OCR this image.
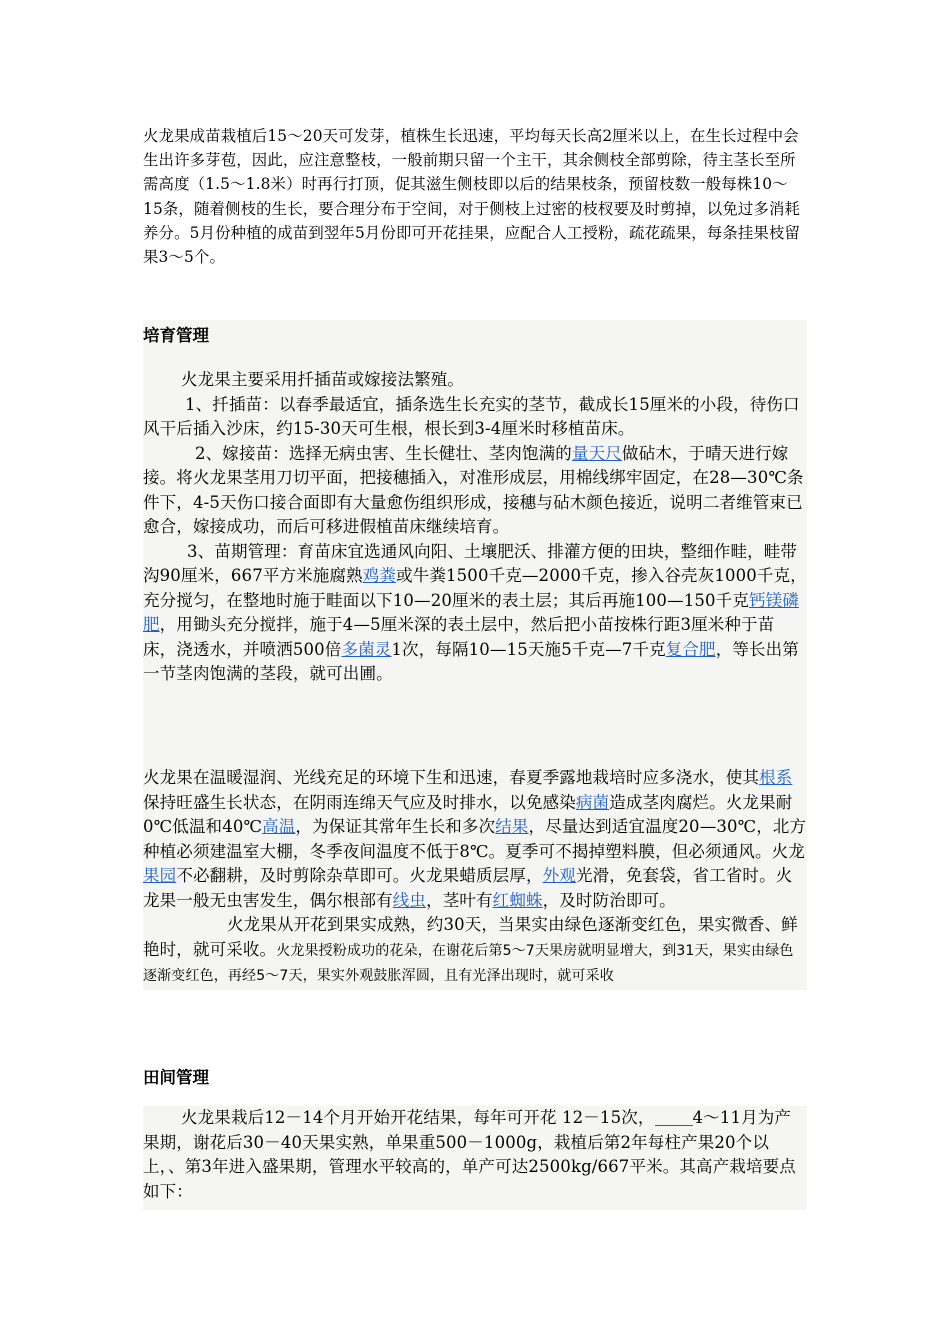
火龙果成苗栽植后15～20天可发芽，植株生长迅速，平均每天长高2厘米以上，在生长过程中会生出许多芽苞，因此，应注意整枝，一般前期只留一个主干，其余侧枝全部剪除，待主茎长至所需高度（1.5～1.8米）时再行打顶，促其滋生侧枝即以后的结果枝条，预留枝数一般每株10～15条，随着侧枝的生长，要合理分布于空间，对于侧枝上过密的枝杈要及时剪掉，以免过多消耗养分。5月份种植的成苗到翌年5月份即可开花挂果，应配合人工授粉，疏花疏果，每条挂果枝留果3～5个。

培育管理

火龙果主要采用扦插苗或嫁接法繁殖。

1、扦插苗：以春季最适宜，插条选生长充实的茎节，截成长15厘米的小段，待伤口风干后插入沙床，约15-30天可生根，根长到3-4厘米时移植苗床。

2、嫁接苗：选择无病虫害、生长健壮、茎肉饱满的量天尺做砧木，于晴天进行嫁接。将火龙果茎用刀切平面，把接穗插入，对准形成层，用棉线绑牢固定，在28—30℃条件下，4-5天伤口接合面即有大量愈伤组织形成，接穗与砧木颜色接近，说明二者维管束已愈合，嫁接成功，而后可移进假植苗床继续培育。

3、苗期管理：育苗床宜选通风向阳、土壤肥沃、排灌方便的田块，整细作畦，畦带沟90厘米，667平方米施腐熟鸡粪或牛粪1500千克—2000千克，掺入谷壳灰1000千克，充分搅匀，在整地时施于畦面以下10—20厘米的表土层；其后再施100—150千克钙镁磷肥，用锄头充分搅拌，施于4—5厘米深的表土层中，然后把小苗按株行距3厘米种于苗床，浇透水，并喷洒500倍多菌灵1次，每隔10—15天施5千克—7千克复合肥，等长出第一节茎肉饱满的茎段，就可出圃。

火龙果在温暖湿润、光线充足的环境下生和迅速，春夏季露地栽培时应多浇水，使其根系保持旺盛生长状态，在阴雨连绵天气应及时排水，以免感染病菌造成茎肉腐烂。火龙果耐0℃低温和40℃高温，为保证其常年生长和多次结果，尽量达到适宜温度20—30℃，北方种植必须建温室大棚，冬季夜间温度不低于8℃。夏季可不揭掉塑料膜，但必须通风。火龙果园不必翻耕，及时剪除杂草即可。火龙果蜡质层厚，外观光滑，免套袋，省工省时。火龙果一般无虫害发生，偶尔根部有线虫，茎叶有红蜘蛛，及时防治即可。

火龙果从开花到果实成熟，约30天，当果实由绿色逐渐变红色，果实微香、鲜艳时，就可采收。火龙果授粉成功的花朵，在谢花后第5～7天果房就明显增大，到31天，果实由绿色逐渐变红色，再经5～7天，果实外观鼓胀浑圆，且有光泽出现时，就可采收

田间管理

火龙果栽后12－14个月开始开花结果，每年可开花 12－15次， 4～11月为产果期，谢花后30－40天果实熟，单果重500－1000g，栽植后第2年每柱产果20个以上，、第3年进入盛果期，管理水平较高的，单产可达2500kg/667平米。其高产栽培要点如下：
